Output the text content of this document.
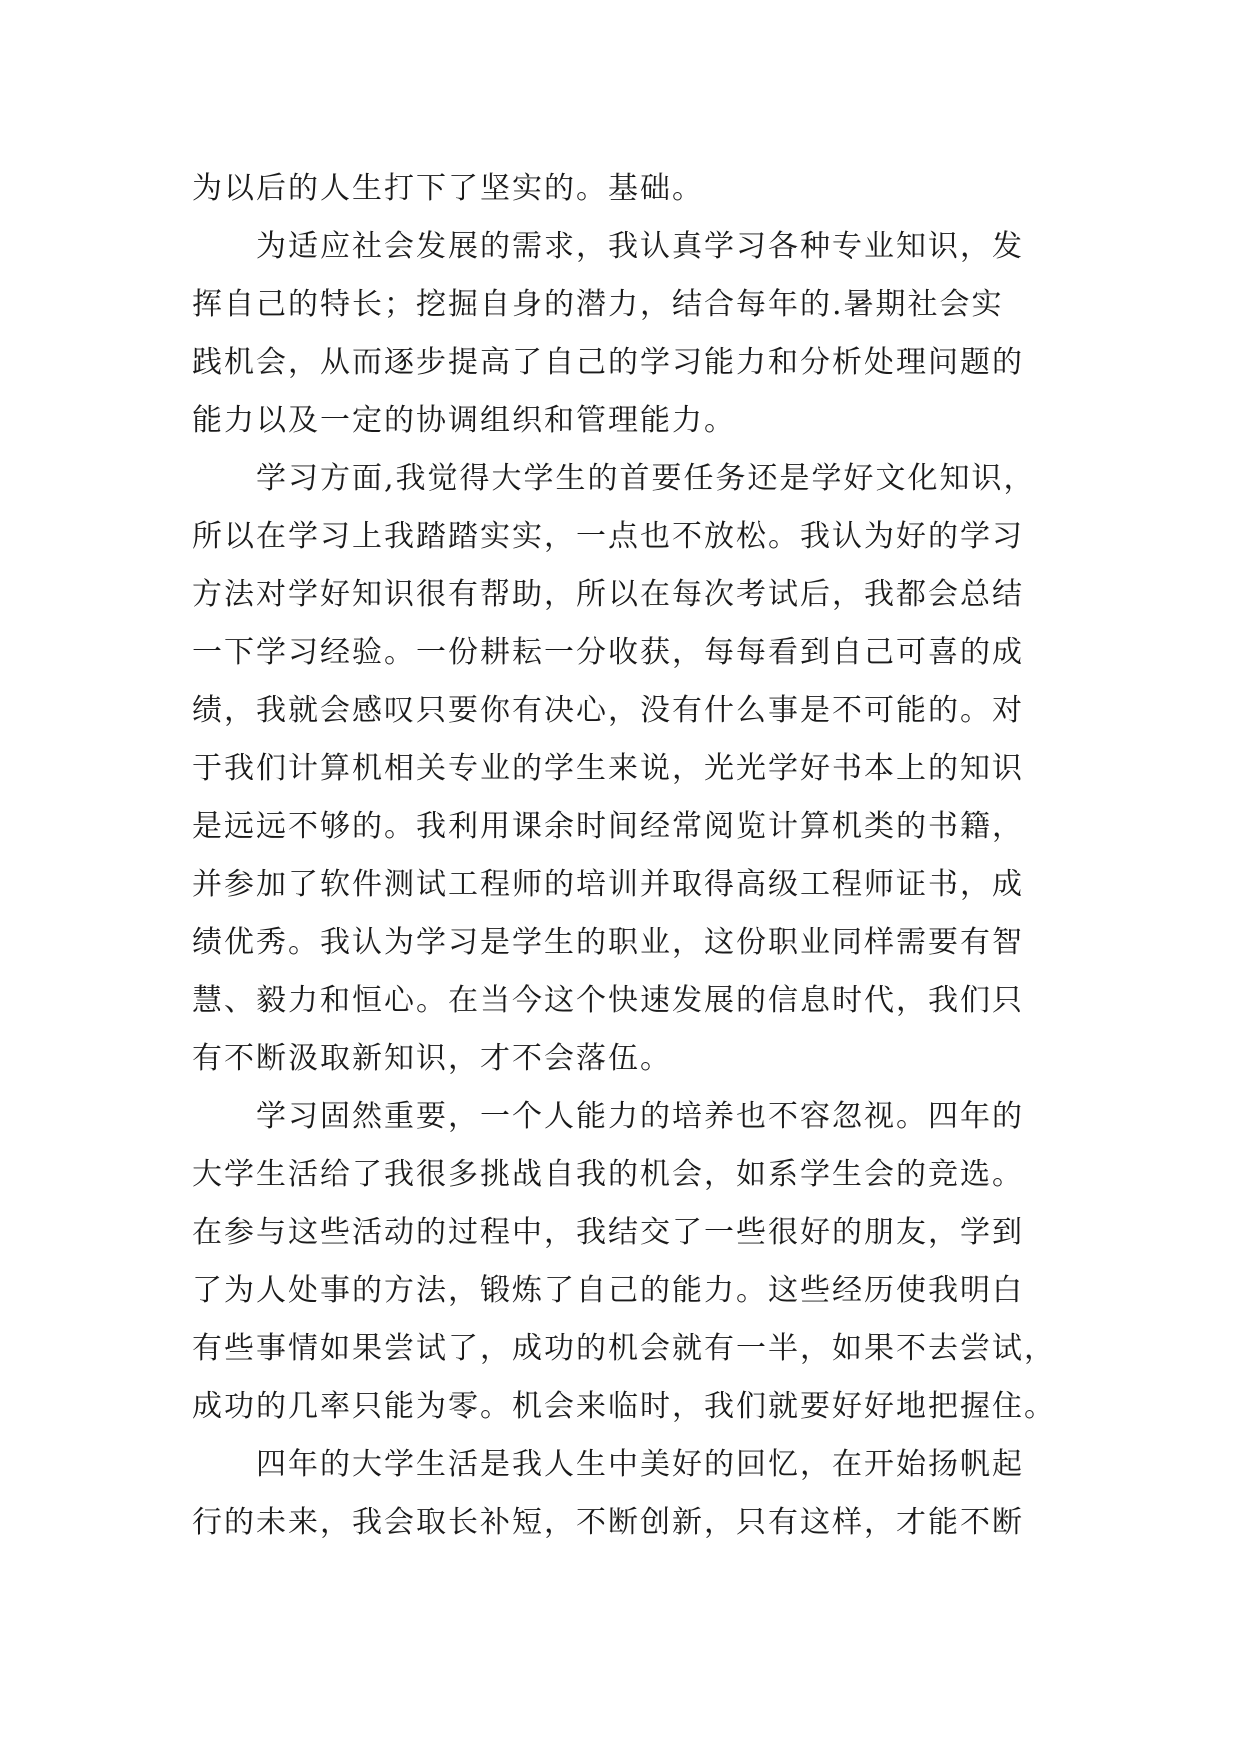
为以后的人生打下了坚实的。基础。
　　为适应社会发展的需求，我认真学习各种专业知识，发
挥自己的特长；挖掘自身的潜力，结合每年的.暑期社会实
践机会，从而逐步提高了自己的学习能力和分析处理问题的
能力以及一定的协调组织和管理能力。
　　学习方面,我觉得大学生的首要任务还是学好文化知识，
所以在学习上我踏踏实实，一点也不放松。我认为好的学习
方法对学好知识很有帮助，所以在每次考试后，我都会总结
一下学习经验。一份耕耘一分收获，每每看到自己可喜的成
绩，我就会感叹只要你有决心，没有什么事是不可能的。对
于我们计算机相关专业的学生来说，光光学好书本上的知识
是远远不够的。我利用课余时间经常阅览计算机类的书籍，
并参加了软件测试工程师的培训并取得高级工程师证书，成
绩优秀。我认为学习是学生的职业，这份职业同样需要有智
慧、毅力和恒心。在当今这个快速发展的信息时代，我们只
有不断汲取新知识，才不会落伍。
　　学习固然重要，一个人能力的培养也不容忽视。四年的
大学生活给了我很多挑战自我的机会，如系学生会的竞选。
在参与这些活动的过程中，我结交了一些很好的朋友，学到
了为人处事的方法，锻炼了自己的能力。这些经历使我明白
有些事情如果尝试了，成功的机会就有一半，如果不去尝试，
成功的几率只能为零。机会来临时，我们就要好好地把握住。
　　四年的大学生活是我人生中美好的回忆，在开始扬帆起
行的未来，我会取长补短，不断创新，只有这样，才能不断
